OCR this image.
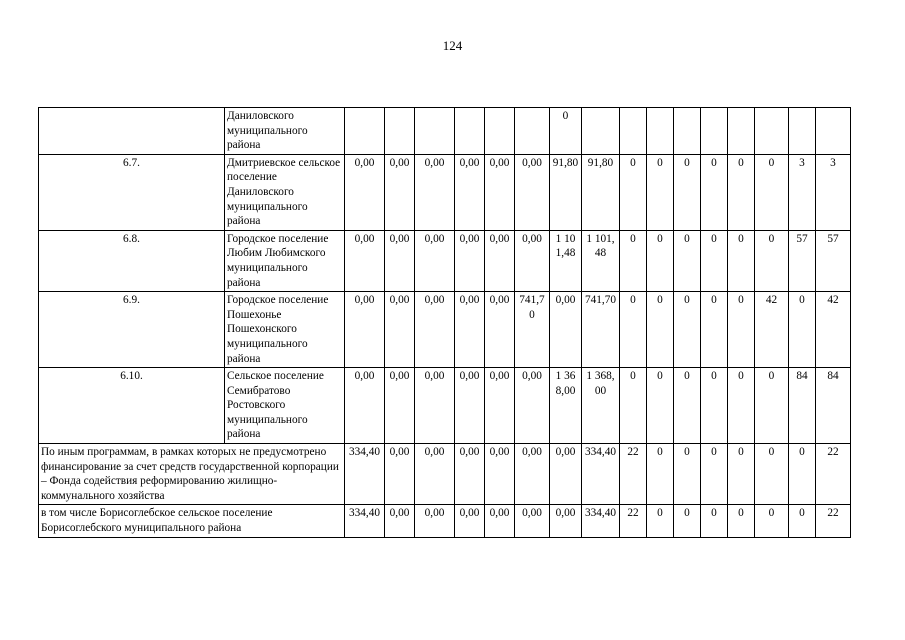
124
	Даниловского муниципального района							0									
6.7.	Дмитриевское сельское поселение Даниловского муниципального района	0,00	0,00	0,00	0,00	0,00	0,00	91,80	91,80	0	0	0	0	0	0	3	3
6.8.	Городское поселение Любим Любимского муниципального района	0,00	0,00	0,00	0,00	0,00	0,00	1 101,48	1 101,48	0	0	0	0	0	0	57	57
6.9.	Городское поселение Пошехонье Пошехонского муниципального района	0,00	0,00	0,00	0,00	0,00	741,70	0,00	741,70	0	0	0	0	0	42	0	42
6.10.	Сельское поселение Семибратово Ростовского муниципального района	0,00	0,00	0,00	0,00	0,00	0,00	1 368,00	1 368,00	0	0	0	0	0	0	84	84
По иным программам, в рамках которых не предусмотрено финансирование за счет средств государственной корпорации – Фонда содействия реформированию жилищно-коммунального хозяйства		334,40	0,00	0,00	0,00	0,00	0,00	0,00	334,40	22	0	0	0	0	0	0	22
в том числе Борисоглебское сельское поселение Борисоглебского муниципального района		334,40	0,00	0,00	0,00	0,00	0,00	0,00	334,40	22	0	0	0	0	0	0	22
